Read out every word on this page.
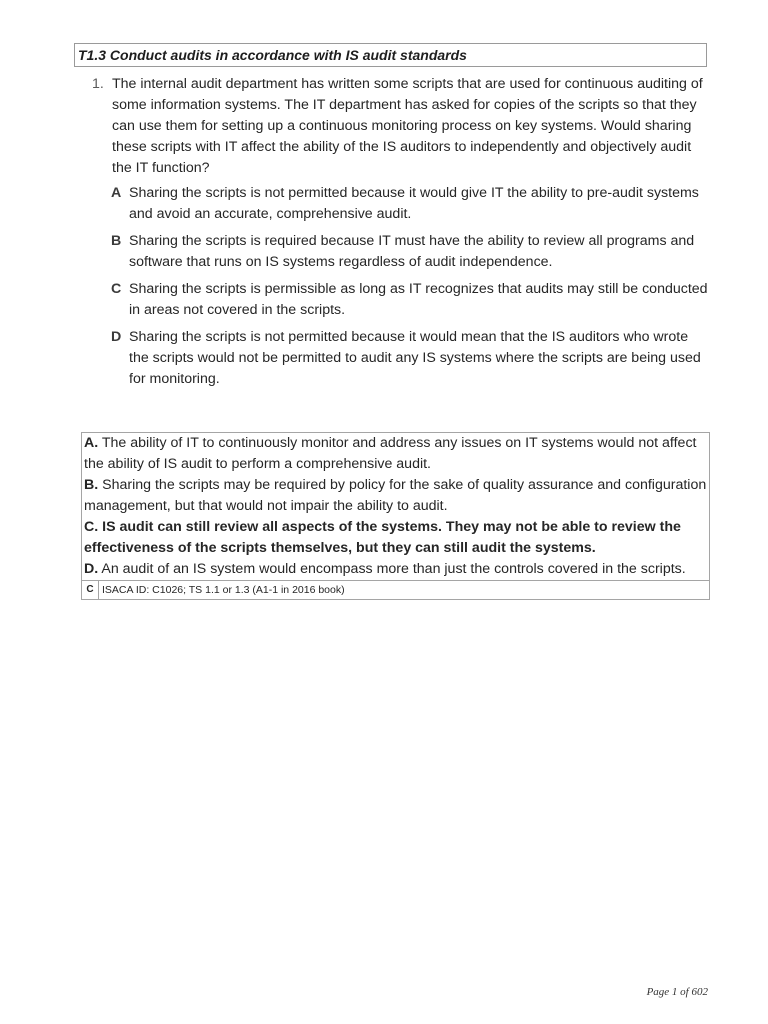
T1.3 Conduct audits in accordance with IS audit standards
1. The internal audit department has written some scripts that are used for continuous auditing of some information systems. The IT department has asked for copies of the scripts so that they can use them for setting up a continuous monitoring process on key systems. Would sharing these scripts with IT affect the ability of the IS auditors to independently and objectively audit the IT function?
A Sharing the scripts is not permitted because it would give IT the ability to pre-audit systems and avoid an accurate, comprehensive audit.
B Sharing the scripts is required because IT must have the ability to review all programs and software that runs on IS systems regardless of audit independence.
C Sharing the scripts is permissible as long as IT recognizes that audits may still be conducted in areas not covered in the scripts.
D Sharing the scripts is not permitted because it would mean that the IS auditors who wrote the scripts would not be permitted to audit any IS systems where the scripts are being used for monitoring.

A. The ability of IT to continuously monitor and address any issues on IT systems would not affect the ability of IS audit to perform a comprehensive audit.

B. Sharing the scripts may be required by policy for the sake of quality assurance and configuration management, but that would not impair the ability to audit.

C. IS audit can still review all aspects of the systems. They may not be able to review the effectiveness of the scripts themselves, but they can still audit the systems.

D. An audit of an IS system would encompass more than just the controls covered in the scripts.

C	ISACA ID: C1026; TS 1.1 or 1.3 (A1-1 in 2016 book)
Page 1 of 602
